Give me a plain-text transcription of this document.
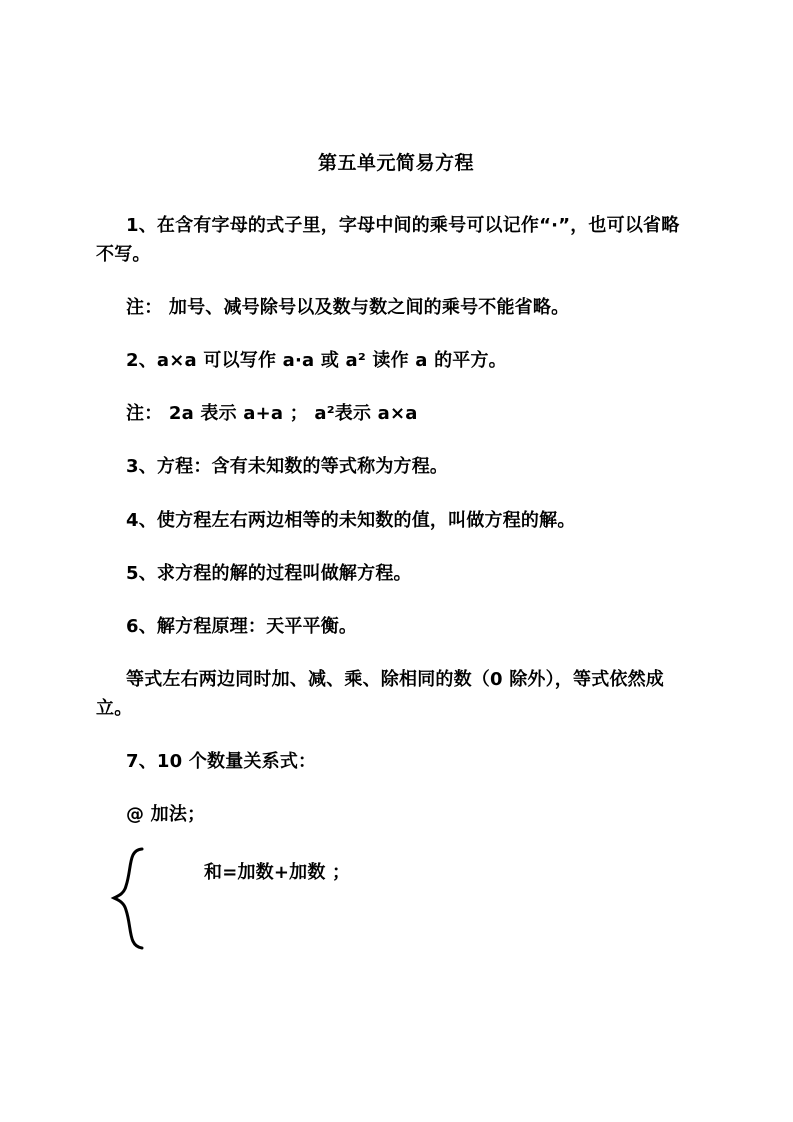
第五单元简易方程

1、在含有字母的式子里，字母中间的乘号可以记作“·”，也可以省略不写。

注： 加号、减号除号以及数与数之间的乘号不能省略。

2、a×a 可以写作 a·a 或 a² 读作 a 的平方。

注： 2a 表示 a+a ； a²表示 a×a

3、方程：含有未知数的等式称为方程。

4、使方程左右两边相等的未知数的值，叫做方程的解。

5、求方程的解的过程叫做解方程。

6、解方程原理：天平平衡。

等式左右两边同时加、减、乘、除相同的数（0 除外），等式依然成立。

7、10 个数量关系式：

@ 加法；

和=加数+加数 ；
